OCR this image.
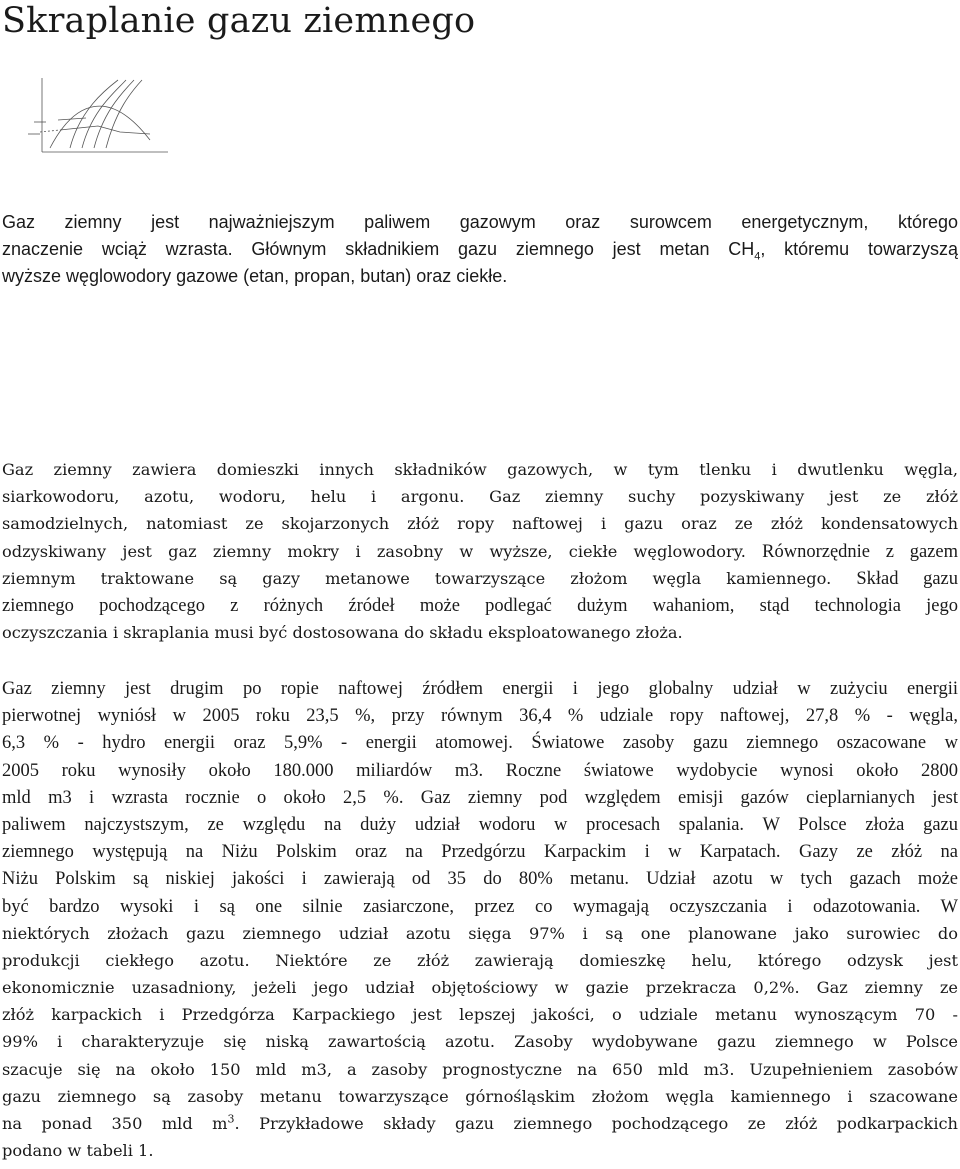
Skraplanie gazu ziemnego
Gaz ziemny jest najważniejszym paliwem gazowym oraz surowcem energetycznym, którego
znaczenie wciąż wzrasta. Głównym składnikiem gazu ziemnego jest metan $CH_4$, któremu towarzyszą
wyższe węglowodory gazowe (etan, propan, butan) oraz ciekłe.
Gaz ziemny zawiera domieszki innych składników gazowych, w tym tlenku i dwutlenku węgla,
siarkowodoru, azotu, wodoru, helu i argonu. Gaz ziemny suchy pozyskiwany jest ze złóż
samodzielnych, natomiast ze skojarzonych złóż ropy naftowej i gazu oraz ze złóż kondensatowych
odzyskiwany jest gaz ziemny mokry i zasobny w wyższe, ciekłe węglowodory. Równorzędnie z gazem
ziemnym traktowane są gazy metanowe towarzyszące złożom węgla kamiennego. Skład gazu
ziemnego pochodzącego z różnych źródeł może podlegać dużym wahaniom, stąd technologia jego
oczyszczania i skraplania musi być dostosowana do składu eksploatowanego złoża.
Gaz ziemny jest drugim po ropie naftowej źródłem energii i jego globalny udział w zużyciu energii
pierwotnej wyniósł w 2005 roku 23,5 %, przy równym 36,4 % udziale ropy naftowej, 27,8 % - węgla,
6,3 % - hydro energii oraz 5,9% - energii atomowej. Światowe zasoby gazu ziemnego oszacowane w
2005 roku wynosiły około 180.000 miliardów m3. Roczne światowe wydobycie wynosi około 2800
mld m3 i wzrasta rocznie o około 2,5 %. Gaz ziemny pod względem emisji gazów cieplarnianych jest
paliwem najczystszym, ze względu na duży udział wodoru w procesach spalania. W Polsce złoża gazu
ziemnego występują na Niżu Polskim oraz na Przedgórzu Karpackim i w Karpatach. Gazy ze złóż na
Niżu Polskim są niskiej jakości i zawierają od 35 do 80% metanu. Udział azotu w tych gazach może
być bardzo wysoki i są one silnie zasiarczone, przez co wymagają oczyszczania i odazotowania. W
niektórych złożach gazu ziemnego udział azotu sięga 97% i są one planowane jako surowiec do
produkcji ciekłego azotu. Niektóre ze złóż zawierają domieszkę helu, którego odzysk jest
ekonomicznie uzasadniony, jeżeli jego udział objętościowy w gazie przekracza 0,2%. Gaz ziemny ze
złóż karpackich i Przedgórza Karpackiego jest lepszej jakości, o udziale metanu wynoszącym 70 -
99% i charakteryzuje się niską zawartością azotu. Zasoby wydobywane gazu ziemnego w Polsce
szacuje się na około 150 mld m3, a zasoby prognostyczne na 650 mld m3. Uzupełnieniem zasobów
gazu ziemnego są zasoby metanu towarzyszące górnośląskim złożom węgla kamiennego i szacowane
na ponad 350 mld $m^3$. Przykładowe składy gazu ziemnego pochodzącego ze złóż podkarpackich
podano w tabeli 1.
